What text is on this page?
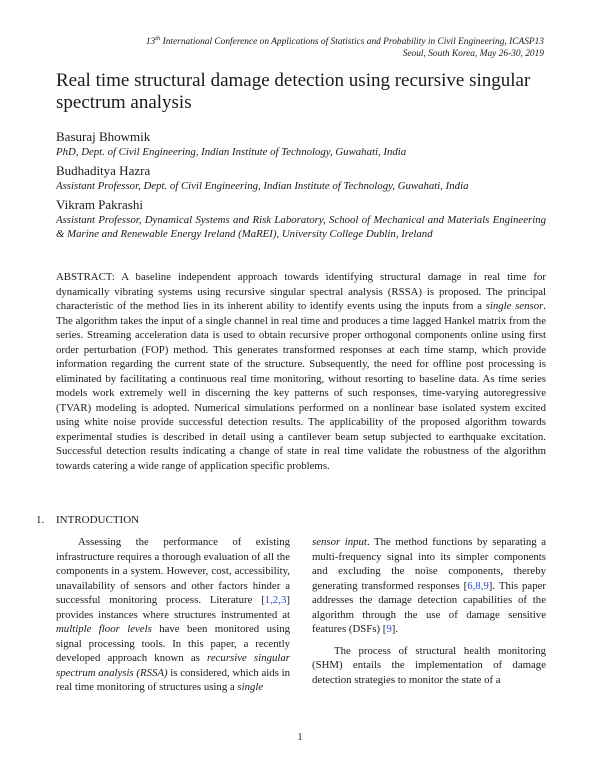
13th International Conference on Applications of Statistics and Probability in Civil Engineering, ICASP13
Seoul, South Korea, May 26-30, 2019
Real time structural damage detection using recursive singular spectrum analysis
Basuraj Bhowmik
PhD, Dept. of Civil Engineering, Indian Institute of Technology, Guwahati, India
Budhaditya Hazra
Assistant Professor, Dept. of Civil Engineering, Indian Institute of Technology, Guwahati, India
Vikram Pakrashi
Assistant Professor, Dynamical Systems and Risk Laboratory, School of Mechanical and Materials Engineering & Marine and Renewable Energy Ireland (MaREI), University College Dublin, Ireland

ABSTRACT: A baseline independent approach towards identifying structural damage in real time for dynamically vibrating systems using recursive singular spectral analysis (RSSA) is proposed. The principal characteristic of the method lies in its inherent ability to identify events using the inputs from a single sensor. The algorithm takes the input of a single channel in real time and produces a time lagged Hankel matrix from the series. Streaming acceleration data is used to obtain recursive proper orthogonal components online using first order perturbation (FOP) method. This generates transformed responses at each time stamp, which provide information regarding the current state of the structure. Subsequently, the need for offline post processing is eliminated by facilitating a continuous real time monitoring, without resorting to baseline data. As time series models work extremely well in discerning the key patterns of such responses, time-varying autoregressive (TVAR) modeling is adopted. Numerical simulations performed on a nonlinear base isolated system excited using white noise provide successful detection results. The applicability of the proposed algorithm towards experimental studies is described in detail using a cantilever beam setup subjected to earthquake excitation. Successful detection results indicating a change of state in real time validate the robustness of the algorithm towards catering a wide range of application specific problems.

1. INTRODUCTION

Assessing the performance of existing infrastructure requires a thorough evaluation of all the components in a system. However, cost, accessibility, unavailability of sensors and other factors hinder a successful monitoring process. Literature [1,2,3] provides instances where structures instrumented at multiple floor levels have been monitored using signal processing tools. In this paper, a recently developed approach known as recursive singular spectrum analysis (RSSA) is considered, which aids in real time monitoring of structures using a single

sensor input. The method functions by separating a multi-frequency signal into its simpler components and excluding the noise components, thereby generating transformed responses [6,8,9]. This paper addresses the damage detection capabilities of the algorithm through the use of damage sensitive features (DSFs) [9].

The process of structural health monitoring (SHM) entails the implementation of damage detection strategies to monitor the state of a

1
